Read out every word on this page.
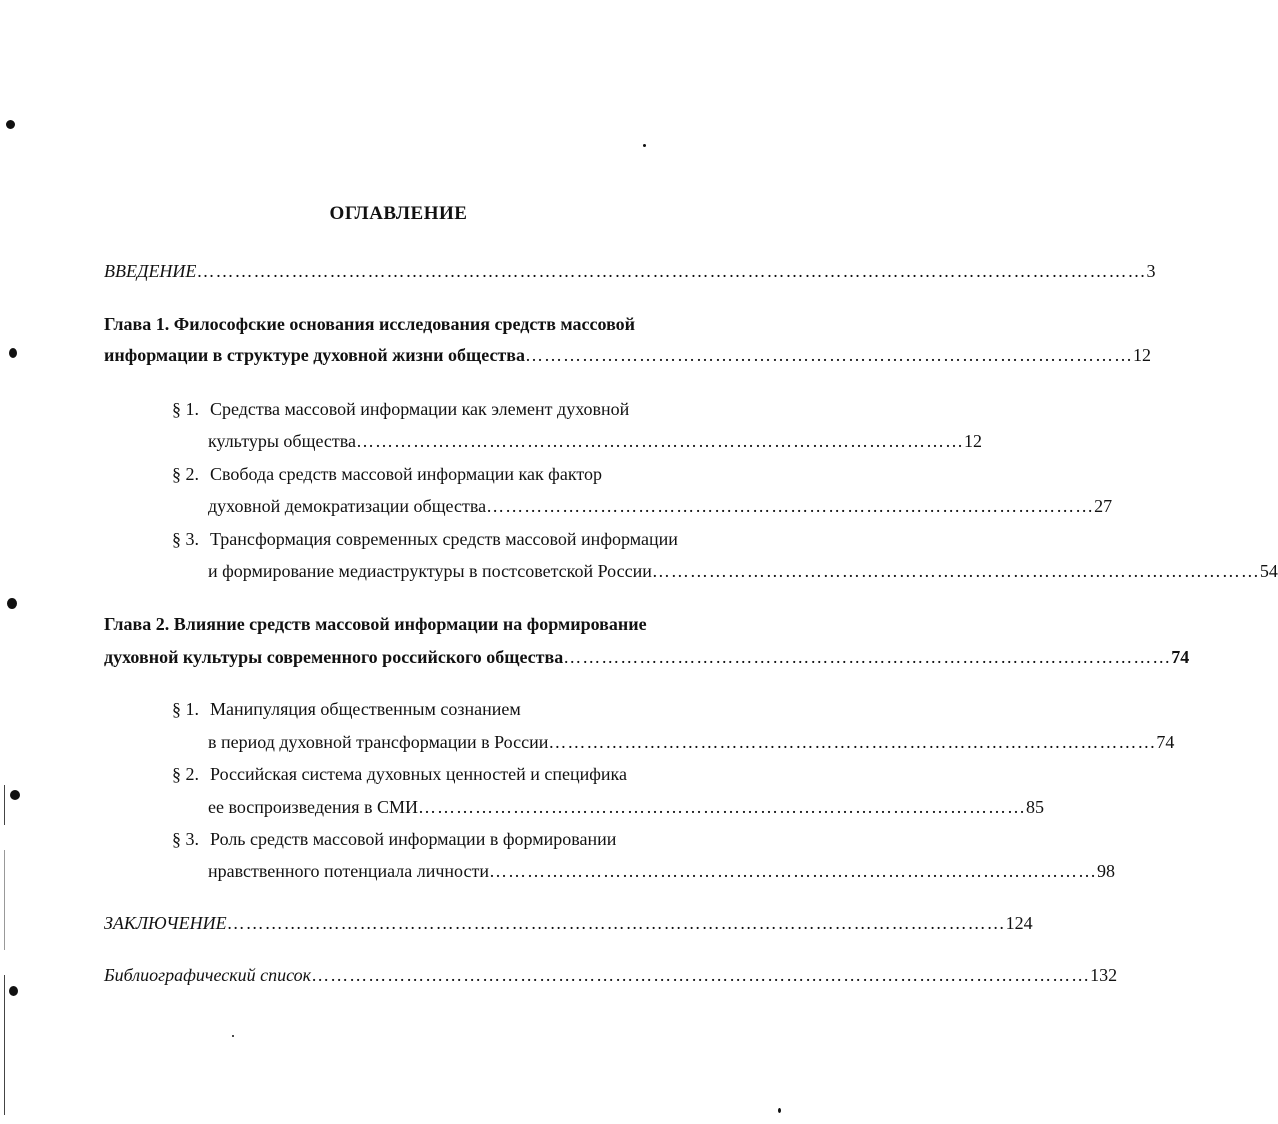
ОГЛАВЛЕНИЕ
ВВЕДЕНИЕ …………………………………………………………………………………………………………………………………… 3
Глава 1. Философские основания исследования средств массовой
информации в структуре духовной жизни общества …………………………………………………………………………………… 12
§ 1. Средства массовой информации как элемент духовной
культуры общества …………………………………………………………………………………… 12
§ 2. Свобода средств массовой информации как фактор
духовной демократизации общества …………………………………………………………………………………… 27
§ 3. Трансформация современных средств массовой информации
и формирование медиаструктуры в постсоветской России …………………………………………………………………………………… 54
Глава 2. Влияние средств массовой информации на формирование
духовной культуры современного российского общества …………………………………………………………………………………… 74
§ 1. Манипуляция общественным сознанием
в период духовной трансформации в России …………………………………………………………………………………… 74
§ 2. Российская система духовных ценностей и специфика
ее воспроизведения в СМИ …………………………………………………………………………………… 85
§ 3. Роль средств массовой информации в формировании
нравственного потенциала личности …………………………………………………………………………………… 98
ЗАКЛЮЧЕНИЕ …………………………………………………………………………………………………………… 124
Библиографический список …………………………………………………………………………………………………………… 132
